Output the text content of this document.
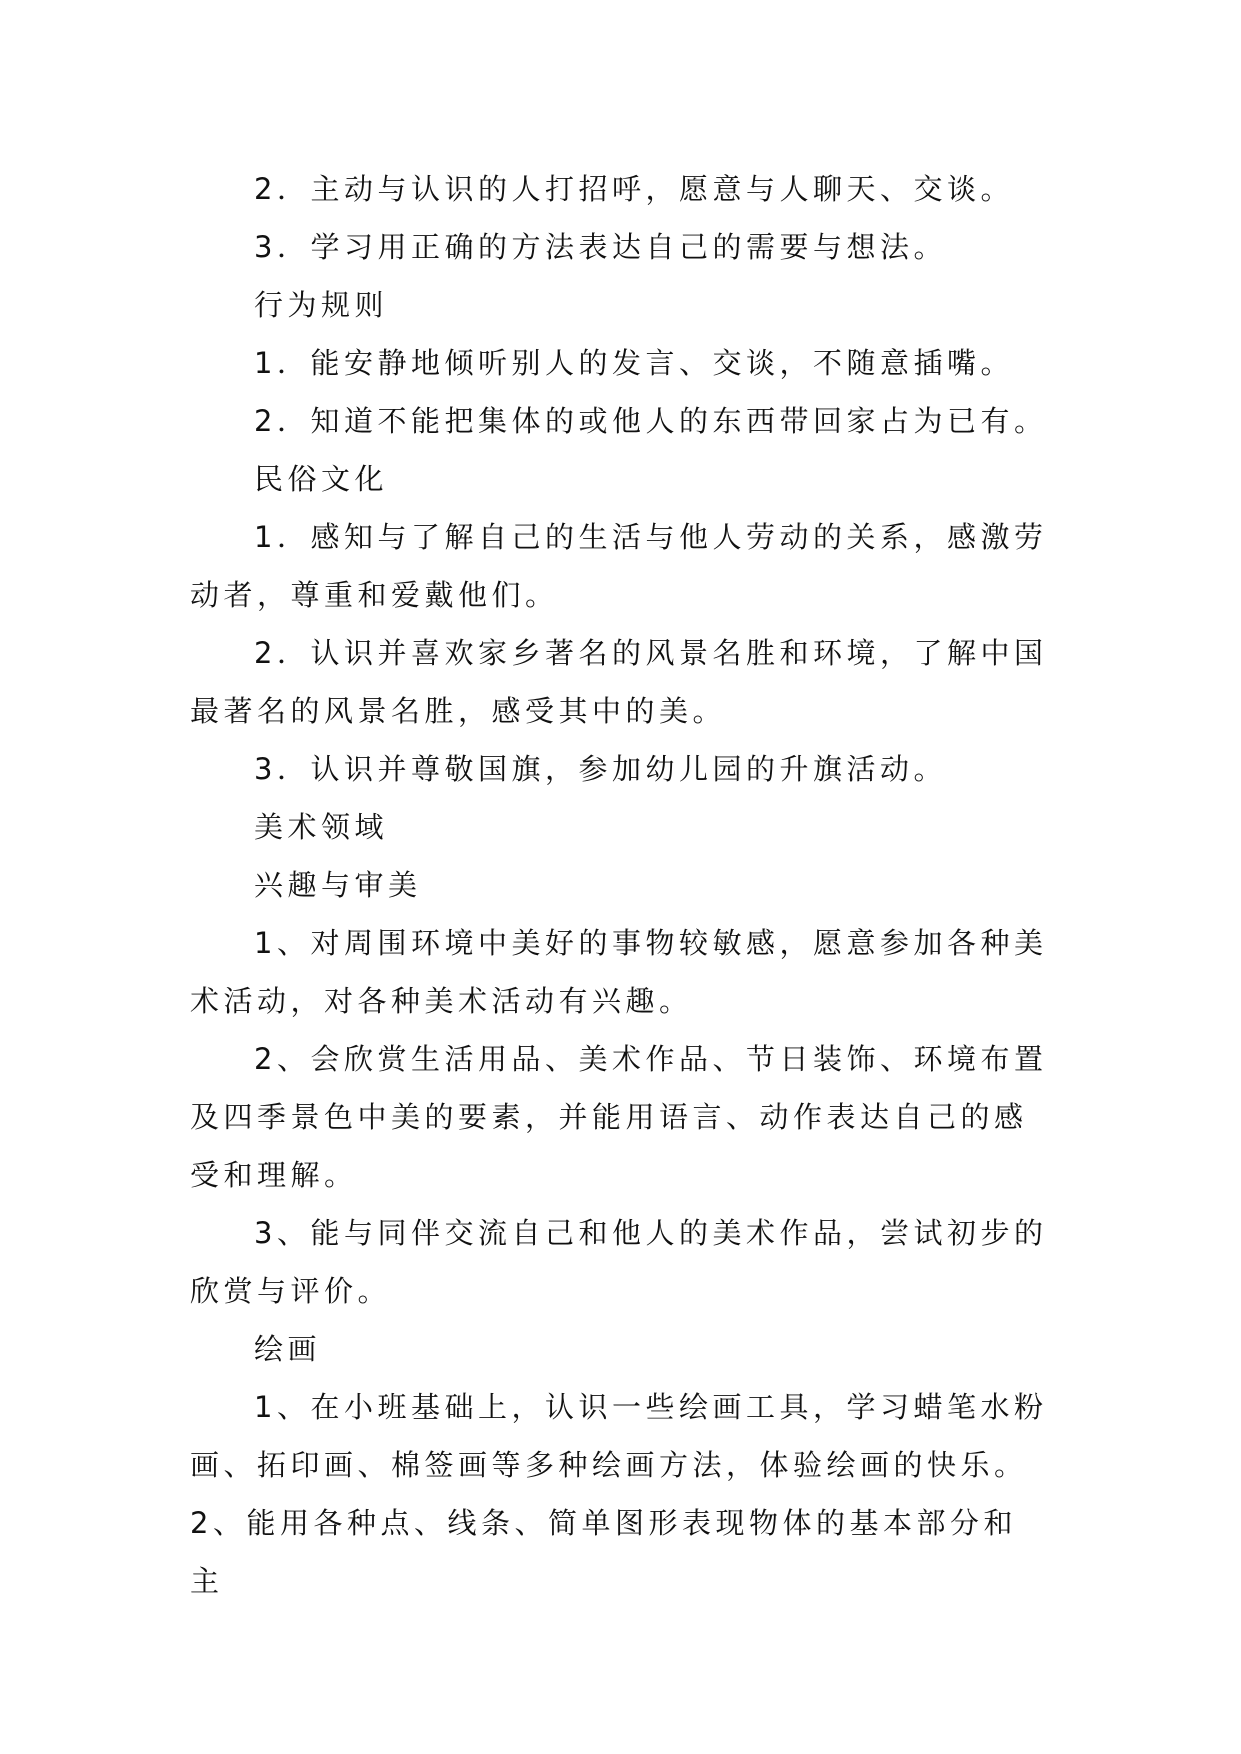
2．主动与认识的人打招呼，愿意与人聊天、交谈。

3．学习用正确的方法表达自己的需要与想法。

行为规则

1．能安静地倾听别人的发言、交谈，不随意插嘴。

2．知道不能把集体的或他人的东西带回家占为已有。

民俗文化

1．感知与了解自己的生活与他人劳动的关系，感激劳动者，尊重和爱戴他们。

2．认识并喜欢家乡著名的风景名胜和环境，了解中国最著名的风景名胜，感受其中的美。

3．认识并尊敬国旗，参加幼儿园的升旗活动。

美术领域

兴趣与审美

1、对周围环境中美好的事物较敏感，愿意参加各种美术活动，对各种美术活动有兴趣。

2、会欣赏生活用品、美术作品、节日装饰、环境布置及四季景色中美的要素，并能用语言、动作表达自己的感受和理解。

3、能与同伴交流自己和他人的美术作品，尝试初步的欣赏与评价。

绘画

1、在小班基础上，认识一些绘画工具，学习蜡笔水粉画、拓印画、棉签画等多种绘画方法，体验绘画的快乐。

2、能用各种点、线条、简单图形表现物体的基本部分和主
